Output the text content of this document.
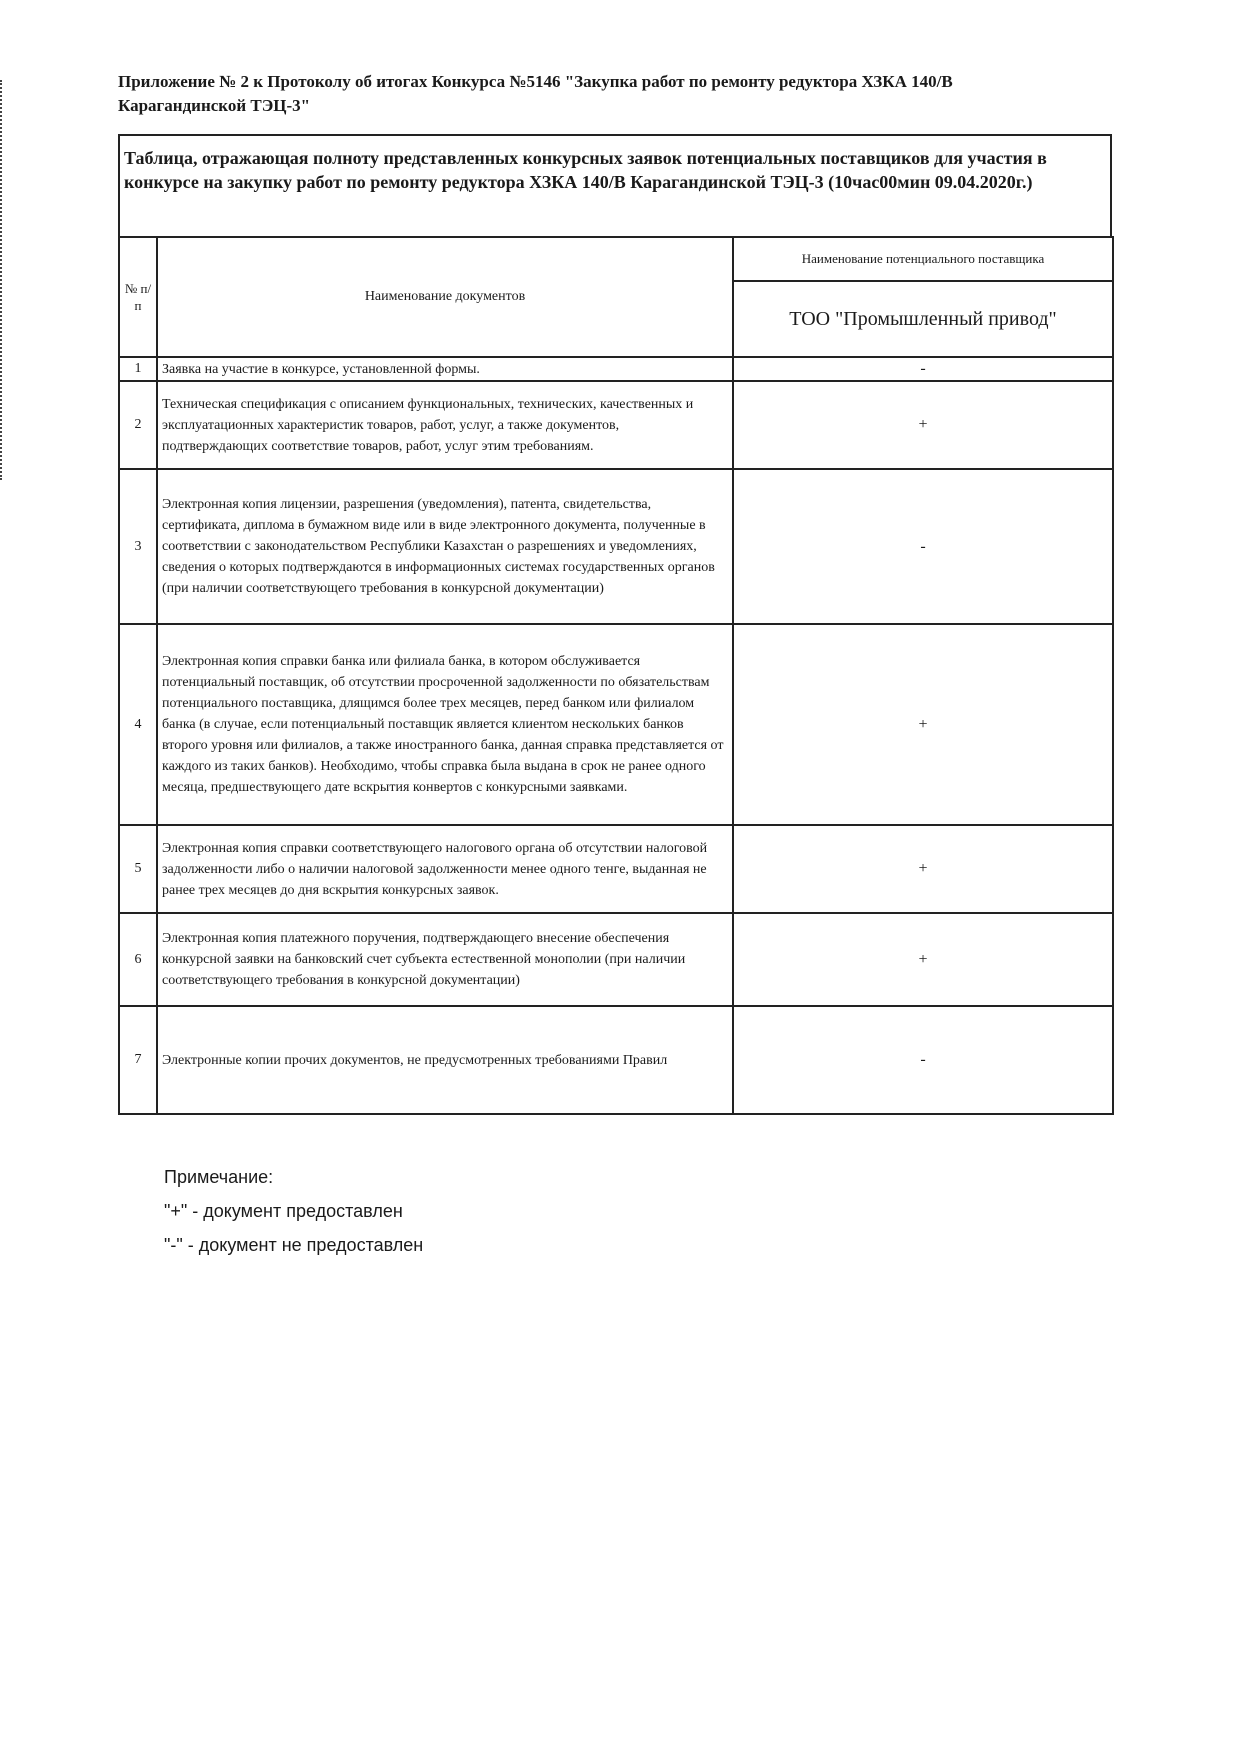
Приложение № 2 к Протоколу об итогах Конкурса №5146 "Закупка работ по ремонту редуктора ХЗКА 140/В Карагандинской ТЭЦ-3"
Таблица, отражающая полноту представленных конкурсных заявок потенциальных поставщиков для участия в конкурсе на закупку работ по ремонту редуктора ХЗКА 140/В Карагандинской ТЭЦ-3 (10час00мин 09.04.2020г.)
№ п/п	Наименование документов	Наименование потенциального поставщика
		ТОО "Промышленный привод"
1	Заявка на участие в конкурсе, установленной формы.	-
2	Техническая спецификация с описанием функциональных, технических, качественных и эксплуатационных характеристик товаров, работ, услуг, а также документов, подтверждающих соответствие товаров, работ, услуг этим требованиям.	+
3	Электронная копия лицензии, разрешения (уведомления), патента, свидетельства, сертификата, диплома в бумажном виде или в виде электронного документа, полученные в соответствии с законодательством Республики Казахстан о разрешениях и уведомлениях, сведения о которых подтверждаются в информационных системах государственных органов (при наличии соответствующего требования в конкурсной документации)	-
4	Электронная копия справки банка или филиала банка, в котором обслуживается потенциальный поставщик, об отсутствии просроченной задолженности по обязательствам потенциального поставщика, длящимся более трех месяцев, перед банком или филиалом банка (в случае, если потенциальный поставщик является клиентом нескольких банков второго уровня или филиалов, а также иностранного банка, данная справка представляется от каждого из таких банков). Необходимо, чтобы справка была выдана в срок не ранее одного месяца, предшествующего дате вскрытия конвертов с конкурсными заявками.	+
5	Электронная копия справки соответствующего налогового органа об отсутствии налоговой задолженности либо о наличии налоговой задолженности менее одного тенге, выданная не ранее трех месяцев до дня вскрытия конкурсных заявок.	+
6	Электронная копия платежного поручения, подтверждающего внесение обеспечения конкурсной заявки на банковский счет субъекта естественной монополии (при наличии соответствующего требования в конкурсной документации)	+
7	Электронные копии прочих документов, не предусмотренных требованиями Правил	-
Примечание:
"+" - документ предоставлен
"-" - документ не предоставлен
